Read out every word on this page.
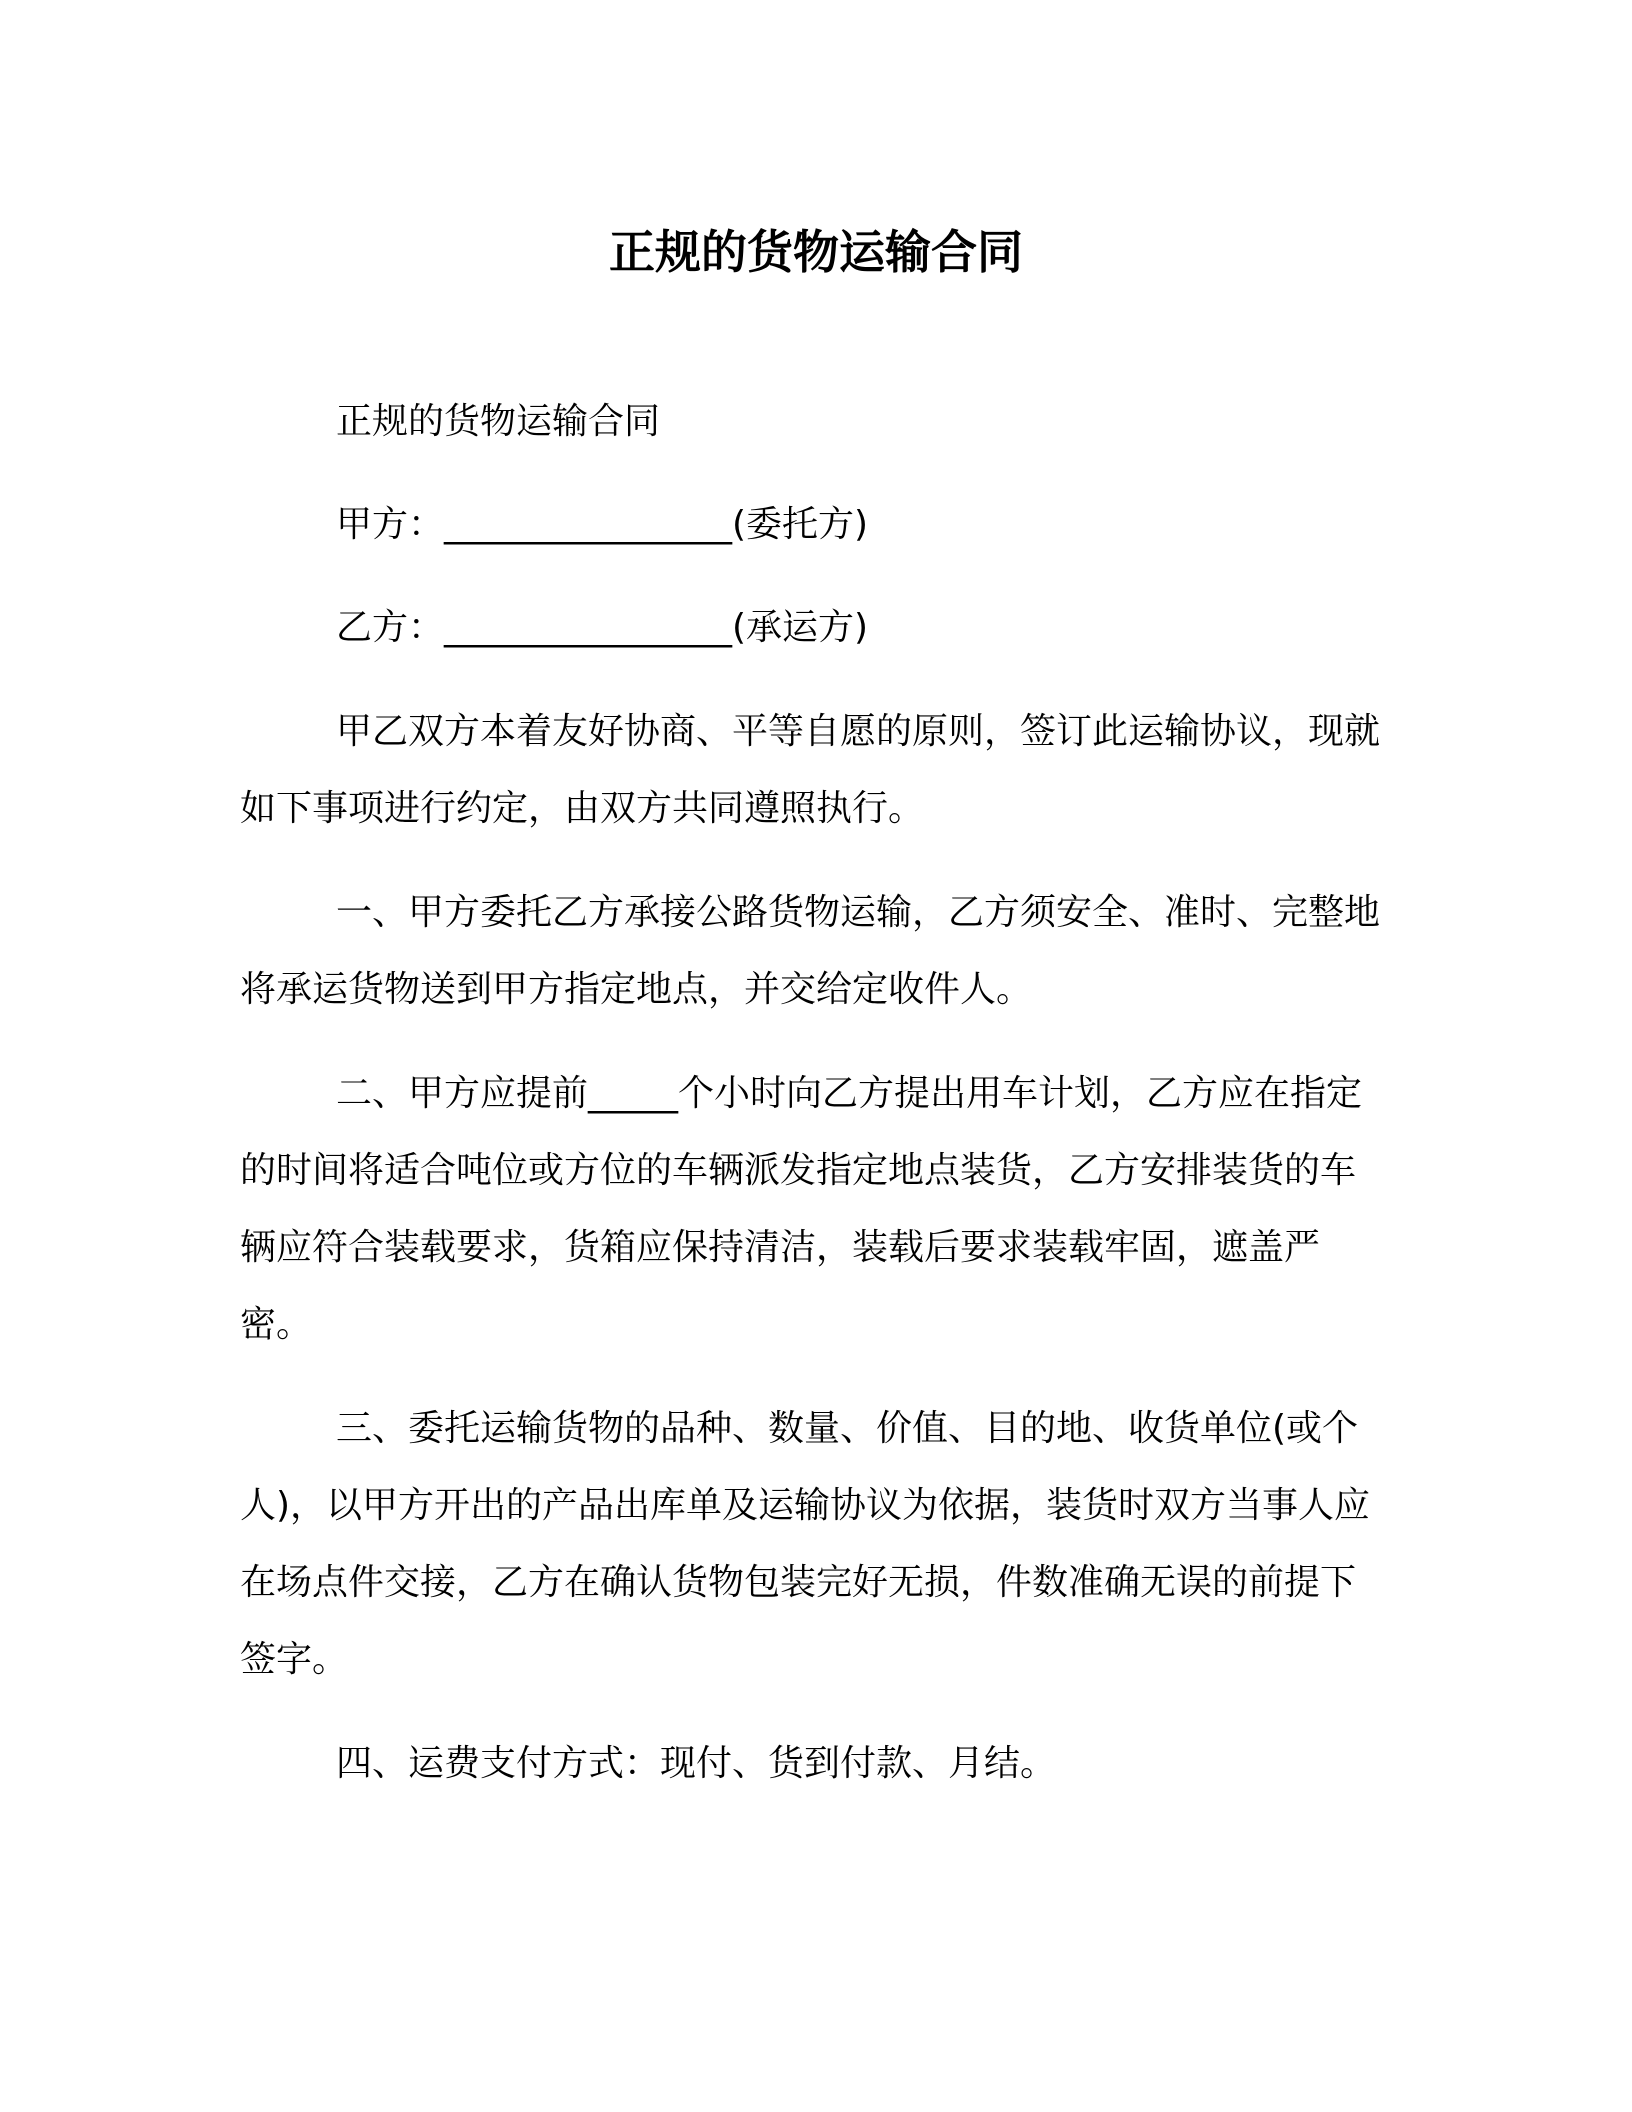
正规的货物运输合同

正规的货物运输合同

甲方：________________(委托方)

乙方：________________(承运方)

甲乙双方本着友好协商、平等自愿的原则，签订此运输协议，现就如下事项进行约定，由双方共同遵照执行。

一、甲方委托乙方承接公路货物运输，乙方须安全、准时、完整地将承运货物送到甲方指定地点，并交给定收件人。

二、甲方应提前_____个小时向乙方提出用车计划，乙方应在指定的时间将适合吨位或方位的车辆派发指定地点装货，乙方安排装货的车辆应符合装载要求，货箱应保持清洁，装载后要求装载牢固，遮盖严密。

三、委托运输货物的品种、数量、价值、目的地、收货单位(或个人)，以甲方开出的产品出库单及运输协议为依据，装货时双方当事人应在场点件交接，乙方在确认货物包装完好无损，件数准确无误的前提下签字。

四、运费支付方式：现付、货到付款、月结。
